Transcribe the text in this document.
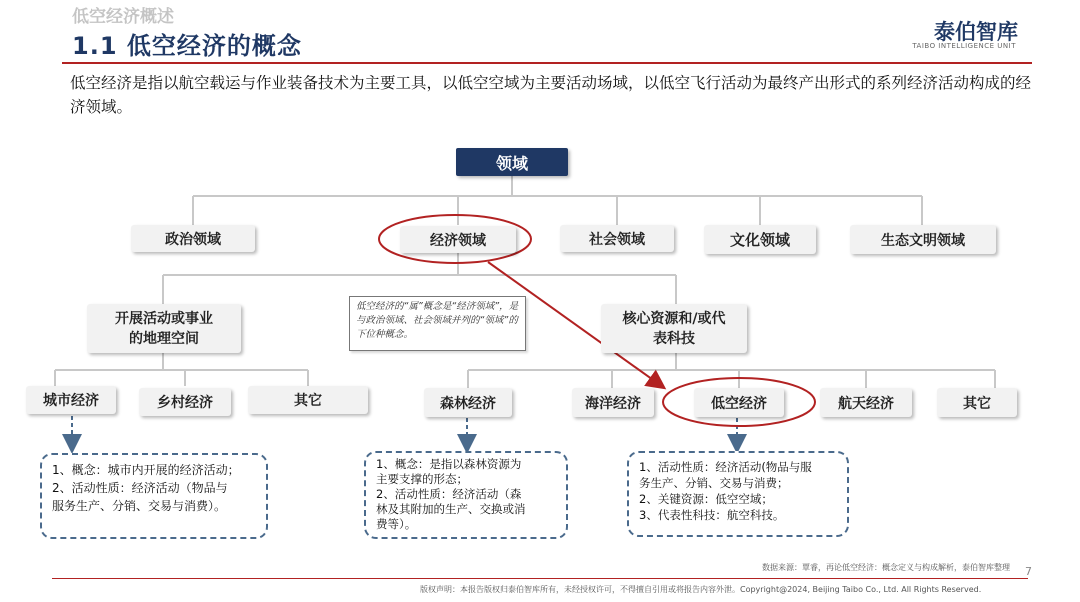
低空经济概述
1.1 低空经济的概念	泰伯智库
TAIBO INTELLIGENCE UNIT
低空经济是指以航空载运与作业装备技术为主要工具，以低空空域为主要活动场域，以低空飞行活动为最终产出形式的系列经济活动构成的经济领域。
领域
政治领域	经济领域	社会领域	文化领域	生态文明领域
开展活动或事业
的地理空间
核心资源和/或代
表科技
低空经济的“属”概念是“经济领域”，是与政治领域、社会领域并列的“领域”的下位种概念。
城市经济	乡村经济	其它	森林经济	海洋经济	低空经济	航天经济	其它
1、概念：城市内开展的经济活动；
2、活动性质：经济活动（物品与
服务生产、分销、交易与消费）。
1、概念：是指以森林资源为
主要支撑的形态；
2、活动性质：经济活动（森
林及其附加的生产、交换或消
费等）。
1、活动性质：经济活动(物品与服
务生产、分销、交易与消费；
2、关键资源：低空空域；
3、代表性科技：航空科技。
数据来源：覃睿，再论低空经济：概念定义与构成解析，泰伯智库整理 7
版权声明：本报告版权归泰伯智库所有，未经授权许可，不得擅自引用或将报告内容外泄。Copyright@2024, Beijing Taibo Co., Ltd. All Rights Reserved.
